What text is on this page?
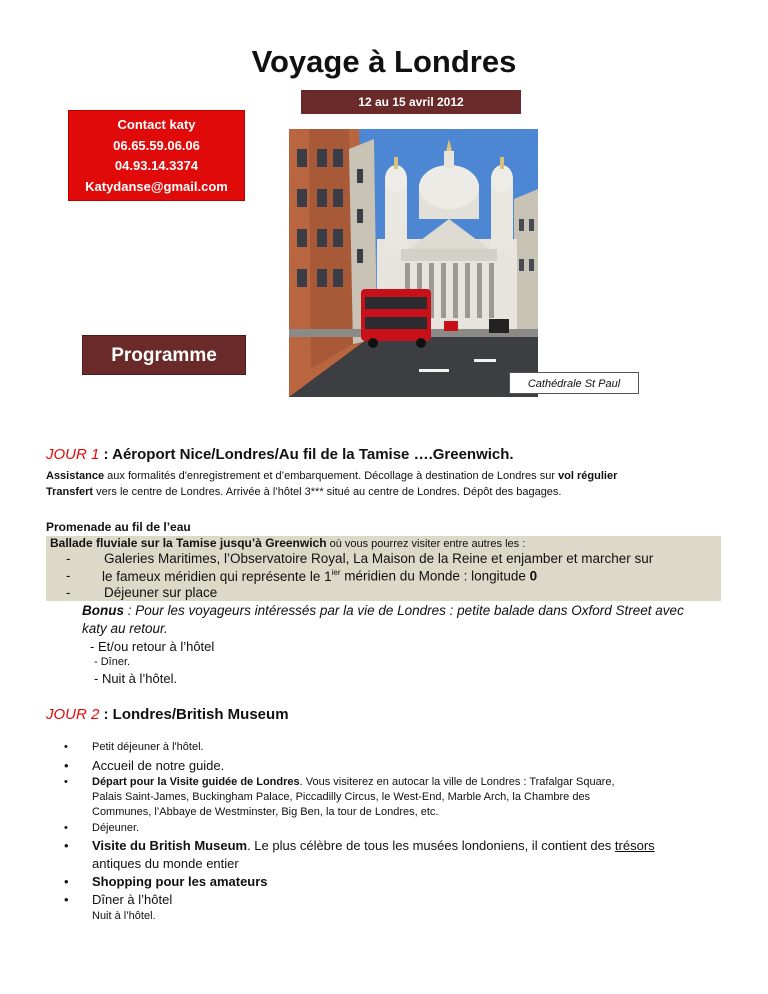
Voyage à Londres
12 au 15 avril 2012
Contact katy
06.65.59.06.06
04.93.14.3374
Katydanse@gmail.com
Programme
Cathédrale St Paul
JOUR 1 : Aéroport Nice/Londres/Au fil de la Tamise ….Greenwich.
Assistance aux formalités d'enregistrement et d’embarquement. Décollage à destination de Londres sur vol régulier
Transfert vers le centre de Londres. Arrivée à l’hôtel 3*** situé au centre de Londres. Dépôt des bagages.
Promenade au fil de l’eau
Ballade fluviale sur la Tamise jusqu’à Greenwich où vous pourrez visiter entre autres les :
- Galeries Maritimes, l’Observatoire Royal, La Maison de la Reine et enjamber et marcher sur
- le fameux méridien qui représente le $1^{ier}$ méridien du Monde : longitude 0
- Déjeuner sur place
Bonus : Pour les voyageurs intéressés par la vie de Londres : petite balade dans Oxford Street avec
katy au retour.
- Et/ou retour à l’hôtel
- Dîner.
- Nuit à l’hôtel.
JOUR 2 : Londres/British Museum
• Petit déjeuner à l'hôtel.
• Accueil de notre guide.
• Départ pour la Visite guidée de Londres. Vous visiterez en autocar la ville de Londres : Trafalgar Square,
Palais Saint-James, Buckingham Palace, Piccadilly Circus, le West-End, Marble Arch, la Chambre des
Communes, l’Abbaye de Westminster, Big Ben, la tour de Londres, etc.
• Déjeuner.
• Visite du British Museum. Le plus célèbre de tous les musées londoniens, il contient des trésors
antiques du monde entier
• Shopping pour les amateurs
• Dîner à l’hôtel
Nuit à l’hôtel.
